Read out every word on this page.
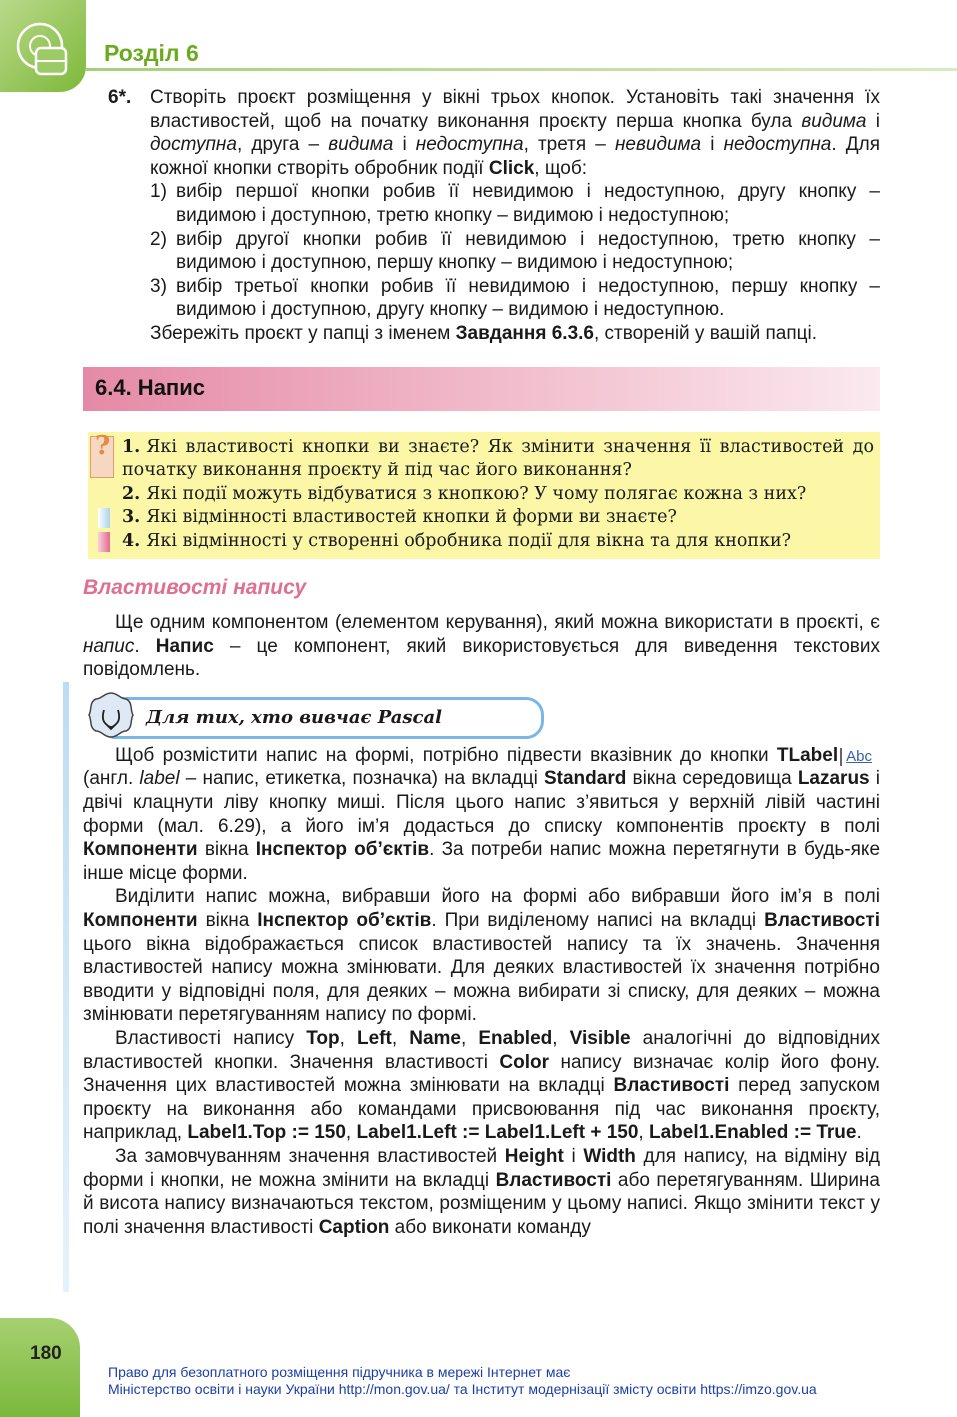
Розділ 6
6*. Створіть проєкт розміщення у вікні трьох кнопок. Установіть такі значення їх властивостей, щоб на початку виконання проєкту перша кнопка була видима і доступна, друга – видима і недоступна, третя – невидима і недоступна. Для кожної кнопки створіть обробник події Click, щоб:
1) вибір першої кнопки робив її невидимою і недоступною, другу кнопку – видимою і доступною, третю кнопку – видимою і недоступною;
2) вибір другої кнопки робив її невидимою і недоступною, третю кнопку – видимою і доступною, першу кнопку – видимою і недоступною;
3) вибір третьої кнопки робив її невидимою і недоступною, першу кнопку – видимою і доступною, другу кнопку – видимою і недоступною.
Збережіть проєкт у папці з іменем Завдання 6.3.6, створеній у вашій папці.
6.4. Напис
? 1. Які властивості кнопки ви знаєте? Як змінити значення її властивостей до початку виконання проєкту й під час його виконання?
2. Які події можуть відбуватися з кнопкою? У чому полягає кожна з них?
3. Які відмінності властивостей кнопки й форми ви знаєте?
4. Які відмінності у створенні обробника події для вікна та для кнопки?
Властивості напису
Ще одним компонентом (елементом керування), який можна використати в проєкті, є напис. Напис – це компонент, який використовується для виведення текстових повідомлень.
Для тих, хто вивчає Pascal
Щоб розмістити напис на формі, потрібно підвести вказівник до кнопки TLabel Abc (англ. label – напис, етикетка, позначка) на вкладці Standard вікна середовища Lazarus і двічі клацнути ліву кнопку миші. Після цього напис з’явиться у верхній лівій частині форми (мал. 6.29), а його ім’я додасться до списку компонентів проєкту в полі Компоненти вікна Інспектор об’єктів. За потреби напис можна перетягнути в будь-яке інше місце форми.
Виділити напис можна, вибравши його на формі або вибравши його ім’я в полі Компоненти вікна Інспектор об’єктів. При виділеному написі на вкладці Властивості цього вікна відображається список властивостей напису та їх значень. Значення властивостей напису можна змінювати. Для деяких властивостей їх значення потрібно вводити у відповідні поля, для деяких – можна вибирати зі списку, для деяких – можна змінювати перетягуванням напису по формі.
Властивості напису Top, Left, Name, Enabled, Visible аналогічні до відповідних властивостей кнопки. Значення властивості Color напису визначає колір його фону. Значення цих властивостей можна змінювати на вкладці Властивості перед запуском проєкту на виконання або командами присвоювання під час виконання проєкту, наприклад, Label1.Top := 150, Label1.Left := Label1.Left + 150, Label1.Enabled := True.
За замовчуванням значення властивостей Height і Width для напису, на відміну від форми і кнопки, не можна змінити на вкладці Властивості або перетягуванням. Ширина й висота напису визначаються текстом, розміщеним у цьому написі. Якщо змінити текст у полі значення властивості Caption або виконати команду
180
Право для безоплатного розміщення підручника в мережі Інтернет має
Міністерство освіти і науки України http://mon.gov.ua/ та Інститут модернізації змісту освіти https://imzo.gov.ua
